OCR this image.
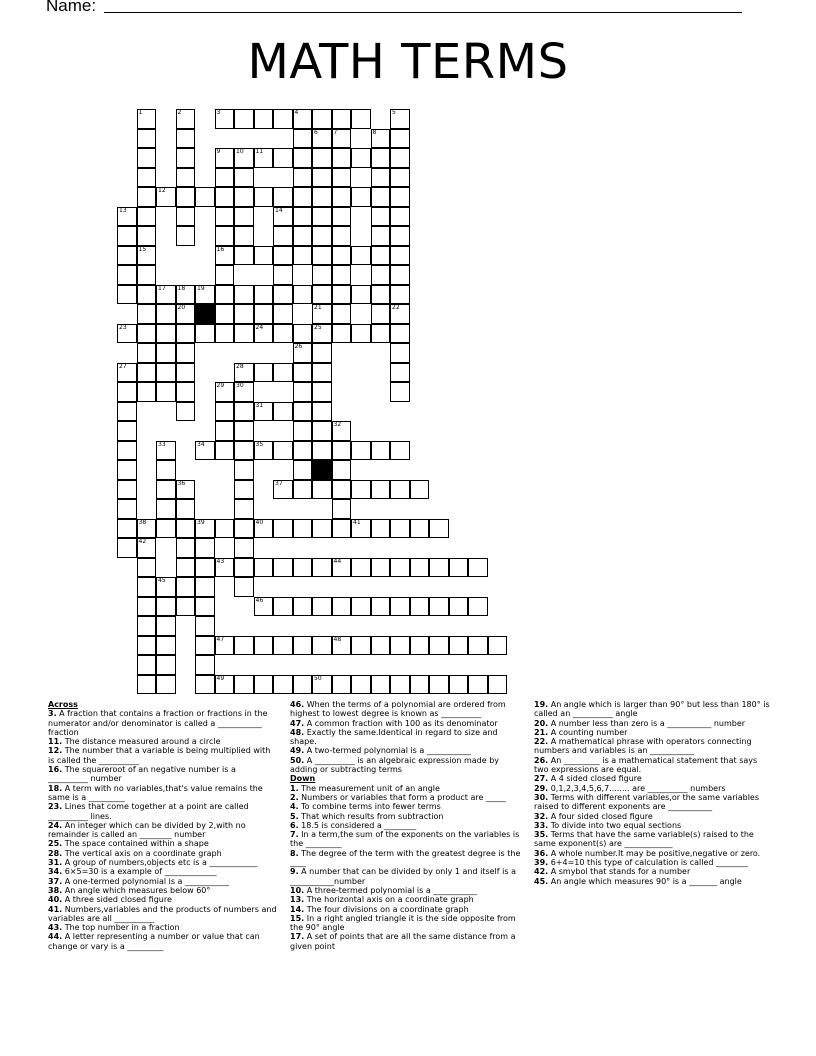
Name:
MATH TERMS
1
15
2	3	4	5
6
21
7	8
9
16
10 11
12
13	14
17 18
20
19
25
22
23	24
26
27	28
29 30
31
32
33	34	35
36	37
38	39	40	41
42
43	44
45
46
47	48
49	50
Across
3. A fraction that contains a fraction or fractions in the numerator and/or denominator is called a ___________ fraction
11. The distance measured around a circle
12. The number that a variable is being multiplied with is called the __________
16. The squareroot of an negative number is a __________ number
18. A term with no variables,that's value remains the same is a _________
23. Lines that come together at a point are called __________ lines.
24. An integer which can be divided by 2,with no remainder is called an ________ number
25. The space contained within a shape
28. The vertical axis on a coordinate graph
31. A group of numbers,objects etc is a ____________
34. 6×5=30 is a example of _____________
37. A one-termed polynomial is a ___________
38. An angle which measures below 60°
40. A three sided closed figure
41. Numbers,variables and the products of numbers and variables are all __________
43. The top number in a fraction
44. A letter representing a number or value that can change or vary is a _________
46. When the terms of a polynomial are ordered from highest to lowest degree is known as __________
47. A common fraction with 100 as its denominator
48. Exactly the same.Identical in regard to size and shape.
49. A two-termed polynomial is a ___________
50. A __________ is an algebraic expression made by adding or subtracting terms
Down
1. The measurement unit of an angle
2. Numbers or variables that form a product are _____
4. To combine terms into fewer terms
5. That which results from subtraction
6. 18.5 is considered a ________
7. In a term,the sum of the exponents on the variables is the _________
8. The degree of the term with the greatest degree is the ____
9. A number that can be divided by only 1 and itself is a ___________number
10. A three-termed polynomial is a ___________
13. The horizontal axis on a coordinate graph
14. The four divisions on a coordinate graph
15. In a right angled triangle it is the side opposite from the 90° angle
17. A set of points that are all the same distance from a given point
19. An angle which is larger than 90° but less than 180° is called an __________ angle
20. A number less than zero is a ___________ number
21. A counting number
22. A mathematical phrase with operators connecting numbers and variables is an ___________
26. An _________ is a mathematical statement that says two expressions are equal.
27. A 4 sided closed figure
29. 0,1,2,3,4,5,6,7........ are __________ numbers
30. Terms with different variables,or the same variables raised to different exponents are ___________
32. A four sided closed figure
33. To divide into two equal sections
35. Terms that have the same variable(s) raised to the same exponent(s) are ____________
36. A whole number.It may be positive,negative or zero.
39. 6+4=10 this type of calculation is called ________
42. A smybol that stands for a number
45. An angle which measures 90° is a _______ angle
